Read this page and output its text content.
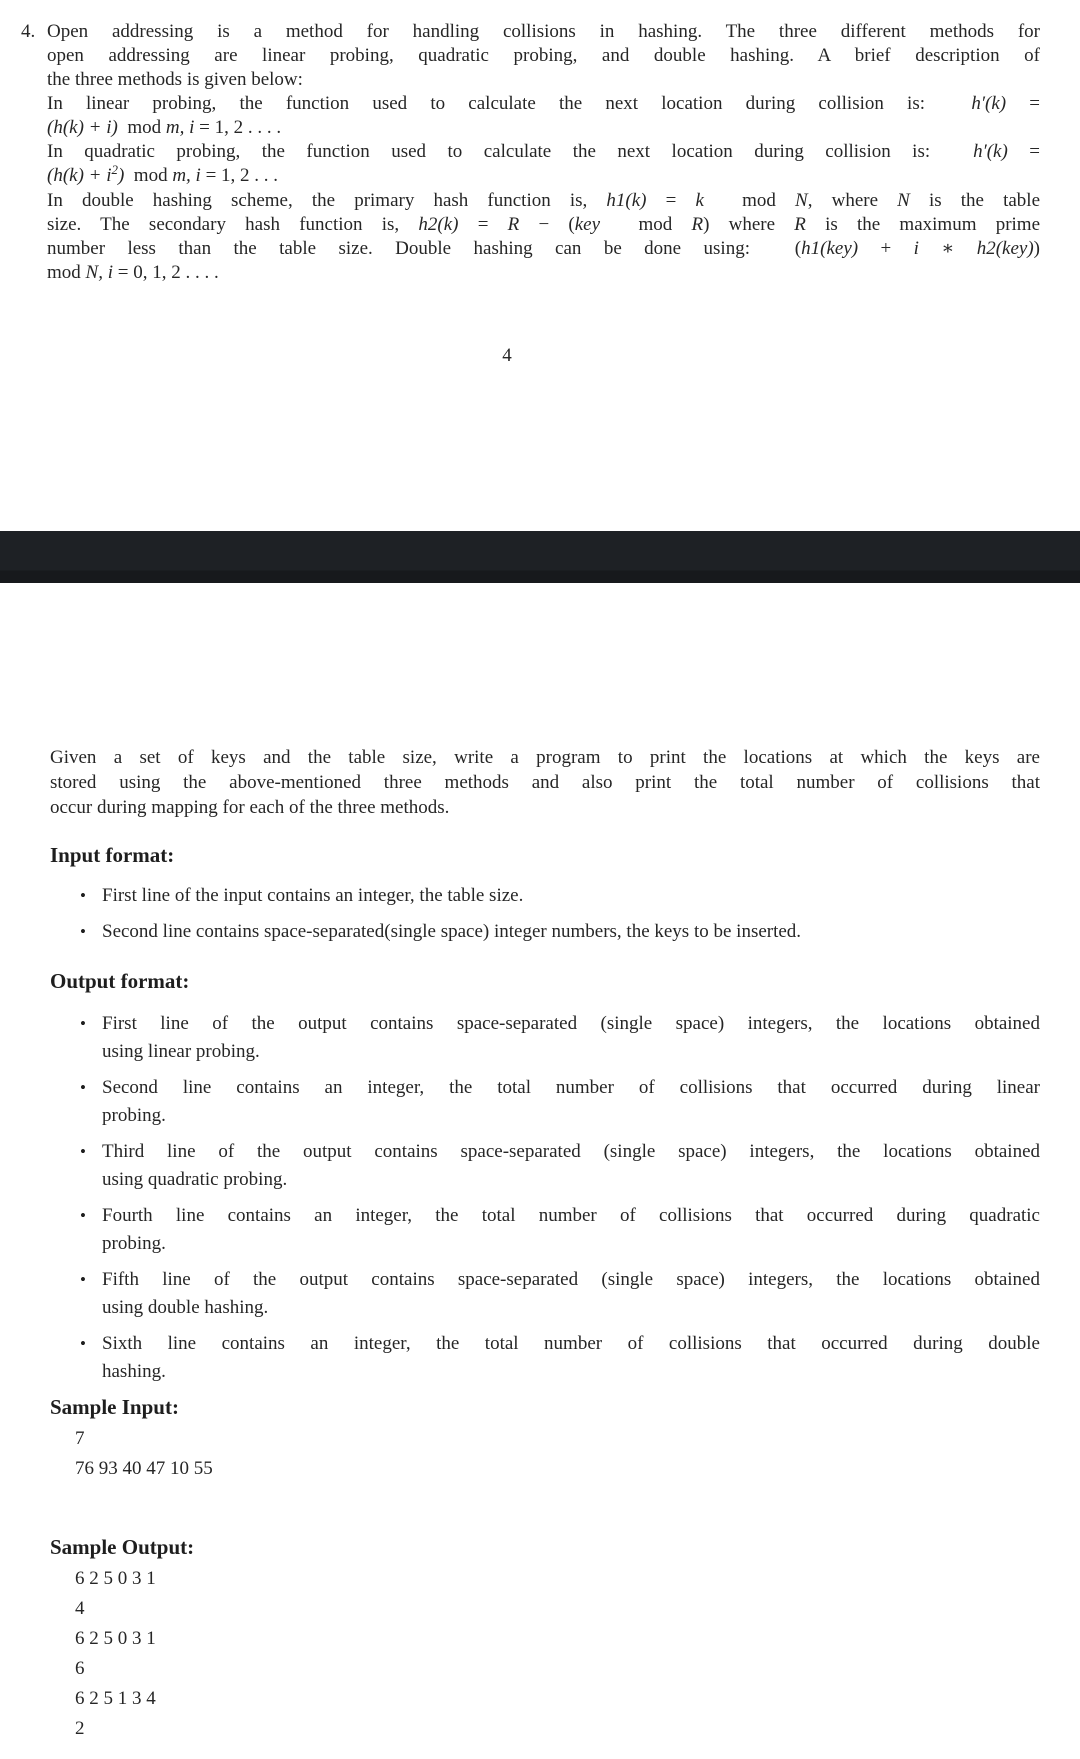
4. Open addressing is a method for handling collisions in hashing. The three different methods for
open addressing are linear probing, quadratic probing, and double hashing. A brief description of
the three methods is given below:
In linear probing, the function used to calculate the next location during collision is:  h′(k) =
(h(k) + i)  mod m, i = 1, 2 . . . .
In quadratic probing, the function used to calculate the next location during collision is:  h′(k) =
$(h(k) + i^2)$  mod m, i = 1, 2 . . .
In double hashing scheme, the primary hash function is, h1(k) = k  mod N, where N is the table
size. The secondary hash function is, h2(k) = R − (key  mod R) where R is the maximum prime
number less than the table size. Double hashing can be done using:  (h1(key) + i ∗ h2(key))
mod N, i = 0, 1, 2 . . . .
4
Given a set of keys and the table size, write a program to print the locations at which the keys are
stored using the above-mentioned three methods and also print the total number of collisions that
occur during mapping for each of the three methods.
Input format:
• First line of the input contains an integer, the table size.
• Second line contains space-separated(single space) integer numbers, the keys to be inserted.
Output format:
• First line of the output contains space-separated (single space) integers, the locations obtained
using linear probing.
• Second line contains an integer, the total number of collisions that occurred during linear
probing.
• Third line of the output contains space-separated (single space) integers, the locations obtained
using quadratic probing.
• Fourth line contains an integer, the total number of collisions that occurred during quadratic
probing.
• Fifth line of the output contains space-separated (single space) integers, the locations obtained
using double hashing.
• Sixth line contains an integer, the total number of collisions that occurred during double
hashing.
Sample Input:
7
76 93 40 47 10 55
Sample Output:
6 2 5 0 3 1
4
6 2 5 0 3 1
6
6 2 5 1 3 4
2
